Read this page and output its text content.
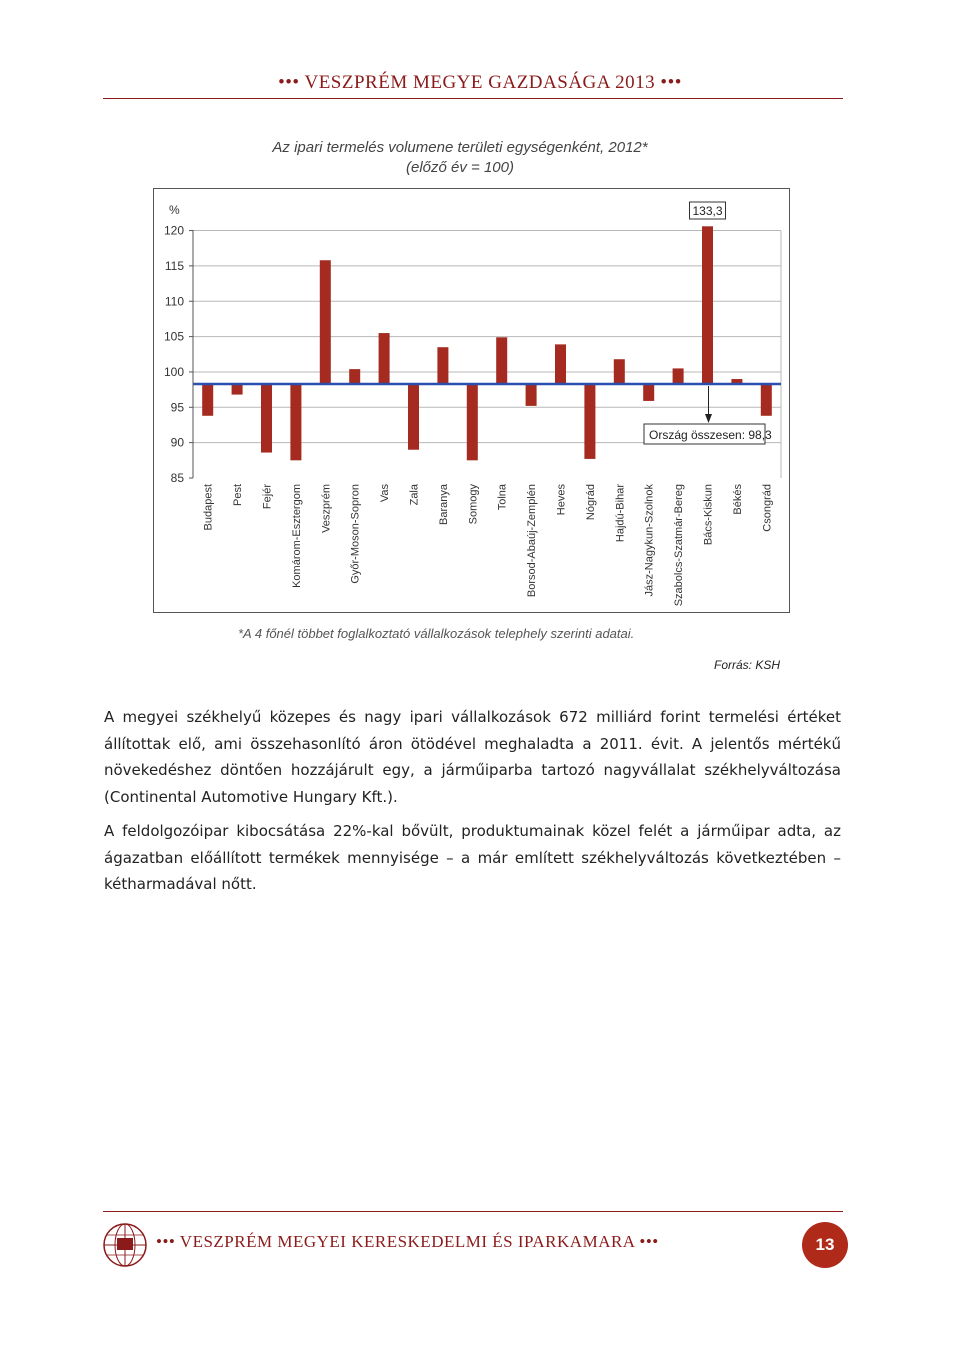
••• VESZPRÉM MEGYE GAZDASÁGA 2013 •••
Az ipari termelés volumene területi egységenként, 2012*
(előző év = 100)
%
85
90
95
100
105
110
115
120
Budapest Pest Fejér Komárom-Esztergom Veszprém Győr-Moson-Sopron Vas Zala Baranya Somogy Tolna Borsod-Abaúj-Zemplén Heves Nógrád Hajdú-Bihar Jász-Nagykun-Szolnok Szabolcs-Szatmár-Bereg Bács-Kiskun Békés Csongrád
133,3
Ország összesen: 98,3
*A 4 főnél többet foglalkoztató vállalkozások telephely szerinti adatai.
Forrás: KSH

A megyei székhelyű közepes és nagy ipari vállalkozások 672 milliárd forint termelési értéket állítottak elő, ami összehasonlító áron ötödével meghaladta a 2011. évit. A jelentős mértékű növekedéshez döntően hozzájárult egy, a járműiparba tartozó nagyvállalat székhelyváltozása (Continental Automotive Hungary Kft.).

A feldolgozóipar kibocsátása 22%-kal bővült, produktumainak közel felét a járműipar adta, az ágazatban előállított termékek mennyisége – a már említett székhelyváltozás következtében – kétharmadával nőtt.

••• VESZPRÉM MEGYEI KERESKEDELMI ÉS IPARKAMARA •••	13
